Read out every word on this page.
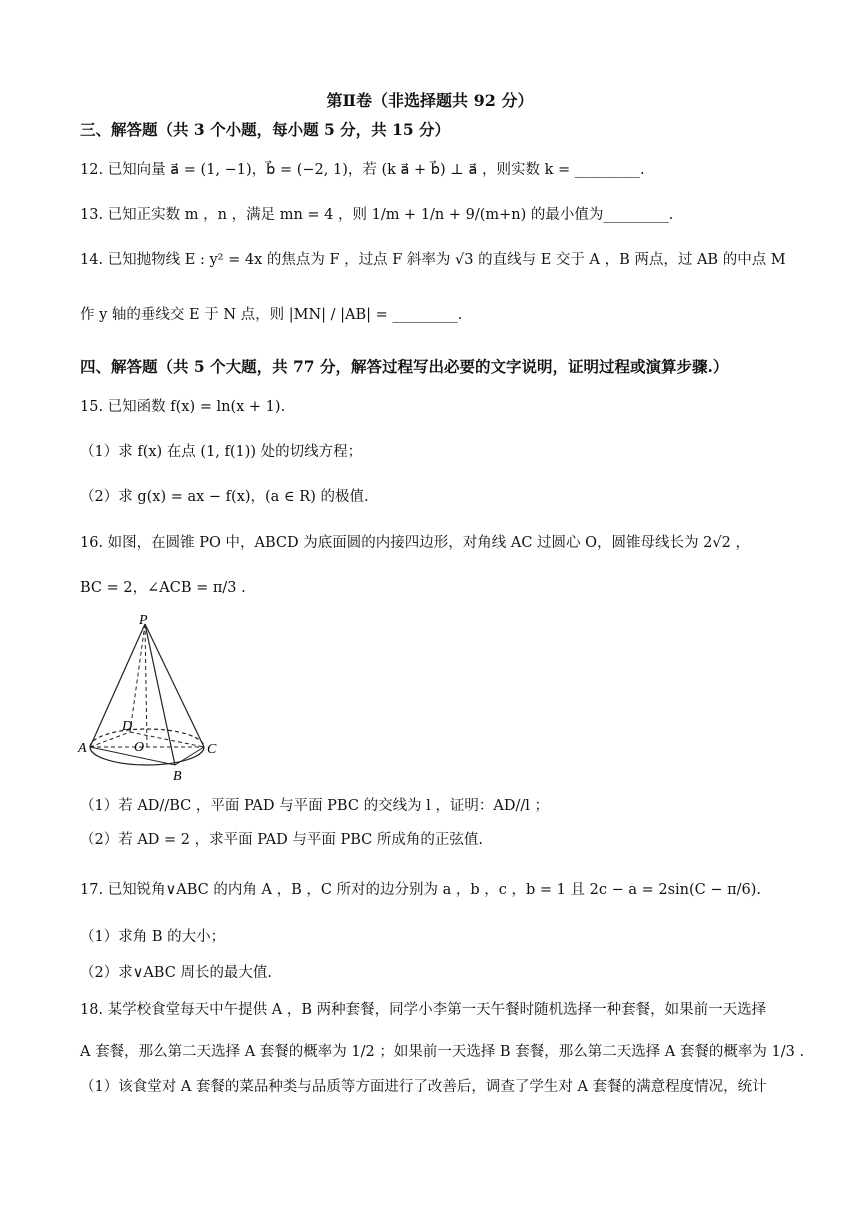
第Ⅱ卷（非选择题共 92 分）
三、解答题（共 3 个小题，每小题 5 分，共 15 分）
12. 已知向量 a⃗ = (1, −1)，b⃗ = (−2, 1)，若 (k a⃗ + b⃗) ⊥ a⃗ ，则实数 k = _________.
13. 已知正实数 m ，n ，满足 mn = 4 ，则 1/m + 1/n + 9/(m+n) 的最小值为_________.
14. 已知抛物线 E : y² = 4x 的焦点为 F ，过点 F 斜率为 √3 的直线与 E 交于 A ，B 两点，过 AB 的中点 M
作 y 轴的垂线交 E 于 N 点，则 |MN| / |AB| = _________.
四、解答题（共 5 个大题，共 77 分，解答过程写出必要的文字说明，证明过程或演算步骤.）
15. 已知函数 f(x) = ln(x + 1).
（1）求 f(x) 在点 (1, f(1)) 处的切线方程；
（2）求 g(x) = ax − f(x)，(a ∈ R) 的极值.
16. 如图，在圆锥 PO 中，ABCD 为底面圆的内接四边形，对角线 AC 过圆心 O，圆锥母线长为 2√2 ，
BC = 2，∠ACB = π/3 .
P
D
A	O	C
B
（1）若 AD//BC ，平面 PAD 与平面 PBC 的交线为 l ，证明：AD//l ；
（2）若 AD = 2 ，求平面 PAD 与平面 PBC 所成角的正弦值.
17. 已知锐角∨ABC 的内角 A ，B ，C 所对的边分别为 a ，b ，c ，b = 1 且 2c − a = 2sin(C − π/6).
（1）求角 B 的大小；
（2）求∨ABC 周长的最大值.
18. 某学校食堂每天中午提供 A ，B 两种套餐，同学小李第一天午餐时随机选择一种套餐，如果前一天选择
A 套餐，那么第二天选择 A 套餐的概率为 1/2 ；如果前一天选择 B 套餐，那么第二天选择 A 套餐的概率为 1/3 .
（1）该食堂对 A 套餐的菜品种类与品质等方面进行了改善后，调查了学生对 A 套餐的满意程度情况，统计
